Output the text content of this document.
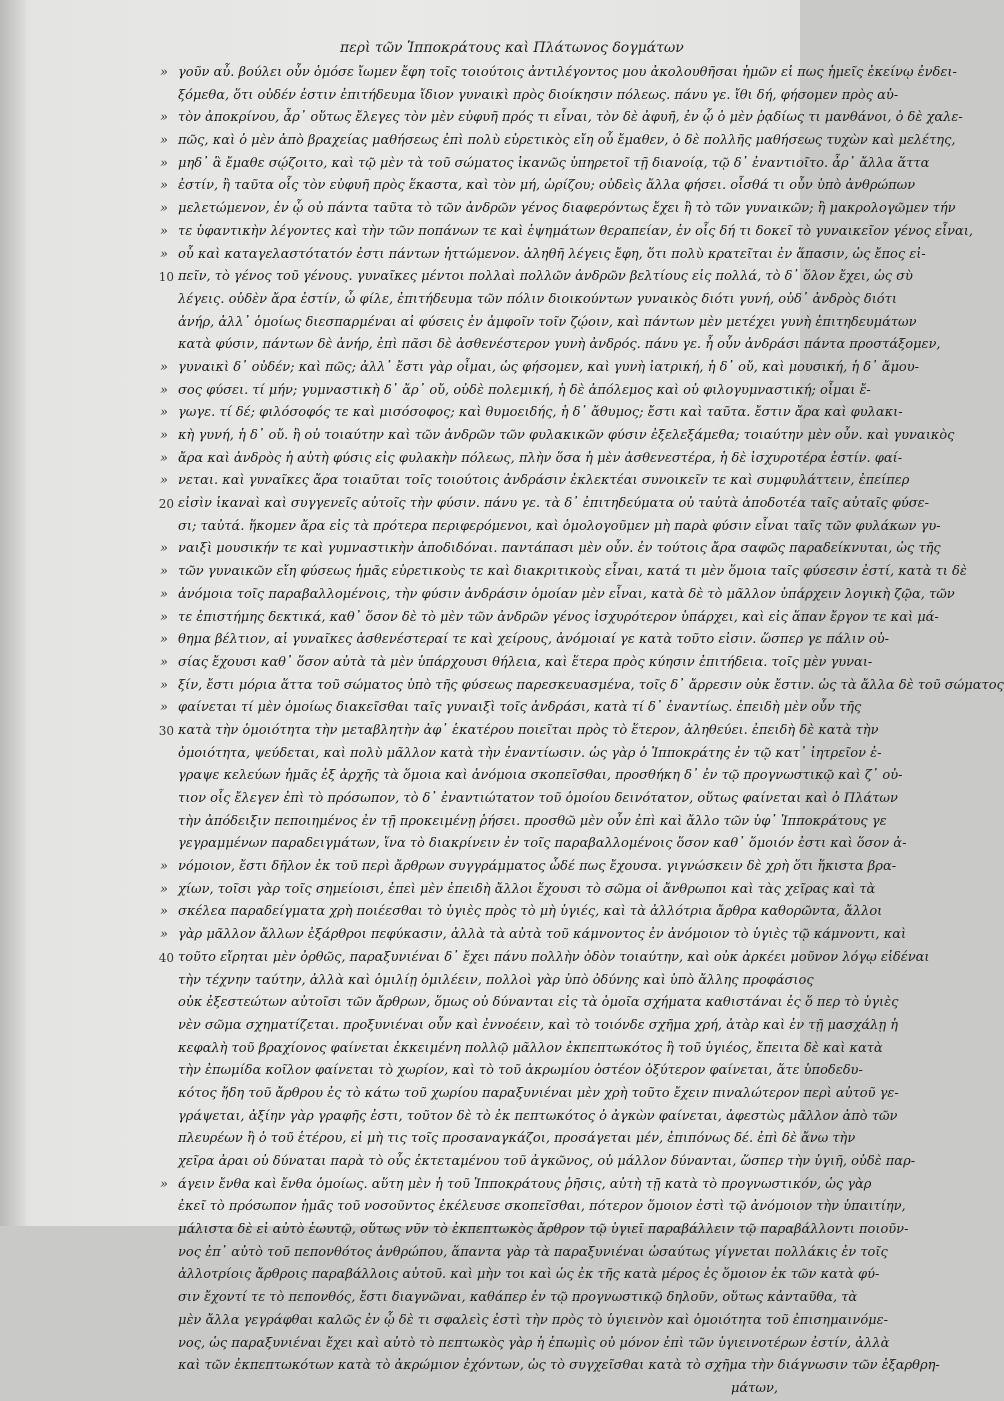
περὶ τῶν Ἱπποκράτους καὶ Πλάτωνος δογμάτων
» γοῦν αὖ. βούλει οὖν ὁμόσε ἴωμεν ἔφη τοῖς τοιούτοις ἀντιλέγοντος μου ἀκολουθῆσαι ἡμῶν εἰ πως ἡμεῖς ἐκείνῳ ἐνδει-
ξόμεθα, ὅτι οὐδέν ἐστιν ἐπιτήδευμα ἴδιον γυναικὶ πρὸς διοίκησιν πόλεως. πάνυ γε. ἴθι δή, φήσομεν πρὸς αὐ-
» τὸν ἀποκρίνου, ἆρ᾽ οὕτως ἔλεγες τὸν μὲν εὐφυῆ πρός τι εἶναι, τὸν δὲ ἀφυῆ, ἐν ᾧ ὁ μὲν ῥᾳδίως τι μανθάνοι, ὁ δὲ χαλε-
» πῶς, καὶ ὁ μὲν ἀπὸ βραχείας μαθήσεως ἐπὶ πολὺ εὑρετικὸς εἴη οὗ ἔμαθεν, ὁ δὲ πολλῆς μαθήσεως τυχὼν καὶ μελέτης,
» μηδ᾽ ἃ ἔμαθε σῴζοιτο, καὶ τῷ μὲν τὰ τοῦ σώματος ἱκανῶς ὑπηρετοῖ τῇ διανοίᾳ, τῷ δ᾽ ἐναντιοῖτο. ἆρ᾽ ἄλλα ἅττα
» ἐστίν, ἢ ταῦτα οἷς τὸν εὐφυῆ πρὸς ἕκαστα, καὶ τὸν μή, ὡρίζου; οὐδεὶς ἄλλα φήσει. οἶσθά τι οὖν ὑπὸ ἀνθρώπων
» μελετώμενον, ἐν ᾧ οὐ πάντα ταῦτα τὸ τῶν ἀνδρῶν γένος διαφερόντως ἔχει ἢ τὸ τῶν γυναικῶν; ἢ μακρολογῶμεν τήν
» τε ὑφαντικὴν λέγοντες καὶ τὴν τῶν ποπάνων τε καὶ ἑψημάτων θεραπείαν, ἐν οἷς δή τι δοκεῖ τὸ γυναικεῖον γένος εἶναι,
» οὗ καὶ καταγελαστότατόν ἐστι πάντων ἡττώμενον. ἀληθῆ λέγεις ἔφη, ὅτι πολὺ κρατεῖται ἐν ἅπασιν, ὡς ἔπος εἰ-
10 πεῖν, τὸ γένος τοῦ γένους. γυναῖκες μέντοι πολλαὶ πολλῶν ἀνδρῶν βελτίους εἰς πολλά, τὸ δ᾽ ὅλον ἔχει, ὡς σὺ
λέγεις. οὐδὲν ἄρα ἐστίν, ὦ φίλε, ἐπιτήδευμα τῶν πόλιν διοικούντων γυναικὸς διότι γυνή, οὐδ᾽ ἀνδρὸς διότι
ἀνήρ, ἀλλ᾽ ὁμοίως διεσπαρμέναι αἱ φύσεις ἐν ἀμφοῖν τοῖν ζῴοιν, καὶ πάντων μὲν μετέχει γυνὴ ἐπιτηδευμάτων
κατὰ φύσιν, πάντων δὲ ἀνήρ, ἐπὶ πᾶσι δὲ ἀσθενέστερον γυνὴ ἀνδρός. πάνυ γε. ἦ οὖν ἀνδράσι πάντα προστάξομεν,
» γυναικὶ δ᾽ οὐδέν; καὶ πῶς; ἀλλ᾽ ἔστι γὰρ οἶμαι, ὡς φήσομεν, καὶ γυνὴ ἰατρική, ἡ δ᾽ οὔ, καὶ μουσική, ἡ δ᾽ ἄμου-
» σος φύσει. τί μήν; γυμναστικὴ δ᾽ ἄρ᾽ οὔ, οὐδὲ πολεμική, ἡ δὲ ἀπόλεμος καὶ οὐ φιλογυμναστική; οἶμαι ἔ-
» γωγε. τί δέ; φιλόσοφός τε καὶ μισόσοφος; καὶ θυμοειδής, ἡ δ᾽ ἄθυμος; ἔστι καὶ ταῦτα. ἔστιν ἄρα καὶ φυλακι-
» κὴ γυνή, ἡ δ᾽ οὔ. ἢ οὐ τοιαύτην καὶ τῶν ἀνδρῶν τῶν φυλακικῶν φύσιν ἐξελεξάμεθα; τοιαύτην μὲν οὖν. καὶ γυναικὸς
» ἄρα καὶ ἀνδρὸς ἡ αὐτὴ φύσις εἰς φυλακὴν πόλεως, πλὴν ὅσα ἡ μὲν ἀσθενεστέρα, ἡ δὲ ἰσχυροτέρα ἐστίν. φαί-
» νεται. καὶ γυναῖκες ἄρα τοιαῦται τοῖς τοιούτοις ἀνδράσιν ἐκλεκτέαι συνοικεῖν τε καὶ συμφυλάττειν, ἐπείπερ
20 εἰσὶν ἱκαναὶ καὶ συγγενεῖς αὐτοῖς τὴν φύσιν. πάνυ γε. τὰ δ᾽ ἐπιτηδεύματα οὐ ταὐτὰ ἀποδοτέα ταῖς αὐταῖς φύσε-
σι; ταὐτά. ἥκομεν ἄρα εἰς τὰ πρότερα περιφερόμενοι, καὶ ὁμολογοῦμεν μὴ παρὰ φύσιν εἶναι ταῖς τῶν φυλάκων γυ-
» ναιξὶ μουσικήν τε καὶ γυμναστικὴν ἀποδιδόναι. παντάπασι μὲν οὖν. ἐν τούτοις ἄρα σαφῶς παραδείκνυται, ὡς τῆς
» τῶν γυναικῶν εἴη φύσεως ἡμᾶς εὑρετικοὺς τε καὶ διακριτικοὺς εἶναι, κατά τι μὲν ὅμοια ταῖς φύσεσιν ἐστί, κατὰ τι δὲ
» ἀνόμοια τοῖς παραβαλλομένοις, τὴν φύσιν ἀνδράσιν ὁμοίαν μὲν εἶναι, κατὰ δὲ τὸ μᾶλλον ὑπάρχειν λογικὴ ζῷα, τῶν
» τε ἐπιστήμης δεκτικά, καθ᾽ ὅσον δὲ τὸ μὲν τῶν ἀνδρῶν γένος ἰσχυρότερον ὑπάρχει, καὶ εἰς ἅπαν ἔργον τε καὶ μά-
» θημα βέλτιον, αἱ γυναῖκες ἀσθενέστεραί τε καὶ χείρους, ἀνόμοιαί γε κατὰ τοῦτο εἰσιν. ὥσπερ γε πάλιν οὐ-
» σίας ἔχουσι καθ᾽ ὅσον αὐτὰ τὰ μὲν ὑπάρχουσι θήλεια, καὶ ἕτερα πρὸς κύησιν ἐπιτήδεια. τοῖς μὲν γυναι-
» ξίν, ἔστι μόρια ἅττα τοῦ σώματος ὑπὸ τῆς φύσεως παρεσκευασμένα, τοῖς δ᾽ ἄρρεσιν οὐκ ἔστιν. ὡς τὰ ἄλλα δὲ τοῦ σώματος
» φαίνεται τί μὲν ὁμοίως διακεῖσθαι ταῖς γυναιξὶ τοῖς ἀνδράσι, κατὰ τί δ᾽ ἐναντίως. ἐπειδὴ μὲν οὖν τῆς
30 κατὰ τὴν ὁμοιότητα τὴν μεταβλητὴν ἀφ᾽ ἑκατέρου ποιεῖται πρὸς τὸ ἕτερον, ἀληθεύει. ἐπειδὴ δὲ κατὰ τὴν
ὁμοιότητα, ψεύδεται, καὶ πολὺ μᾶλλον κατὰ τὴν ἐναντίωσιν. ὡς γὰρ ὁ Ἱπποκράτης ἐν τῷ κατ᾽ ἰητρεῖον ἐ-
γραψε κελεύων ἡμᾶς ἐξ ἀρχῆς τὰ ὅμοια καὶ ἀνόμοια σκοπεῖσθαι, προσθήκη δ᾽ ἐν τῷ προγνωστικῷ καὶ ζ᾽ οὐ-
τιον οἷς ἔλεγεν ἐπὶ τὸ πρόσωπον, τὸ δ᾽ ἐναντιώτατον τοῦ ὁμοίου δεινότατον, οὕτως φαίνεται καὶ ὁ Πλάτων
τὴν ἀπόδειξιν πεποιημένος ἐν τῇ προκειμένῃ ῥήσει. προσθῶ μὲν οὖν ἐπὶ καὶ ἄλλο τῶν ὑφ᾽ Ἱπποκράτους γε
γεγραμμένων παραδειγμάτων, ἵνα τὸ διακρίνειν ἐν τοῖς παραβαλλομένοις ὅσον καθ᾽ ὅμοιόν ἐστι καὶ ὅσον ἀ-
» νόμοιον, ἔστι δῆλον ἐκ τοῦ περὶ ἄρθρων συγγράμματος ὧδέ πως ἔχουσα. γιγνώσκειν δὲ χρὴ ὅτι ἥκιστα βρα-
» χίων, τοῖσι γὰρ τοῖς σημείοισι, ἐπεὶ μὲν ἐπειδὴ ἄλλοι ἔχουσι τὸ σῶμα οἱ ἄνθρωποι καὶ τὰς χεῖρας καὶ τὰ
» σκέλεα παραδείγματα χρὴ ποιέεσθαι τὸ ὑγιὲς πρὸς τὸ μὴ ὑγιές, καὶ τὰ ἀλλότρια ἄρθρα καθορῶντα, ἄλλοι
» γὰρ μᾶλλον ἄλλων ἐξάρθροι πεφύκασιν, ἀλλὰ τὰ αὐτὰ τοῦ κάμνοντος ἐν ἀνόμοιον τὸ ὑγιὲς τῷ κάμνοντι, καὶ
40 τοῦτο εἴρηται μὲν ὀρθῶς, παραξυνιέναι δ᾽ ἔχει πάνυ πολλὴν ὁδὸν τοιαύτην, καὶ οὐκ ἀρκέει μοῦνον λόγῳ εἰδέναι
τὴν τέχνην ταύτην, ἀλλὰ καὶ ὁμιλίῃ ὁμιλέειν, πολλοὶ γὰρ ὑπὸ ὀδύνης καὶ ὑπὸ ἄλλης προφάσιος
οὐκ ἐξεστεώτων αὐτοῖσι τῶν ἄρθρων, ὅμως οὐ δύνανται εἰς τὰ ὁμοῖα σχήματα καθιστάναι ἐς ὅ περ τὸ ὑγιὲς
νὲν σῶμα σχηματίζεται. προξυνιέναι οὖν καὶ ἐννοέειν, καὶ τὸ τοιόνδε σχῆμα χρή, ἀτὰρ καὶ ἐν τῇ μασχάλῃ ἡ
κεφαλὴ τοῦ βραχίονος φαίνεται ἐκκειμένη πολλῷ μᾶλλον ἐκπεπτωκότος ἢ τοῦ ὑγιέος, ἔπειτα δὲ καὶ κατὰ
τὴν ἐπωμίδα κοῖλον φαίνεται τὸ χωρίον, καὶ τὸ τοῦ ἀκρωμίου ὀστέον ὀξύτερον φαίνεται, ἅτε ὑποδεδυ-
κότος ἤδη τοῦ ἄρθρου ἐς τὸ κάτω τοῦ χωρίου παραξυνιέναι μὲν χρὴ τοῦτο ἔχειν πιναλώτερον περὶ αὐτοῦ γε-
γράψεται, ἀξίην γὰρ γραφῆς ἐστι, τοῦτον δὲ τὸ ἐκ πεπτωκότος ὁ ἀγκὼν φαίνεται, ἀφεστὼς μᾶλλον ἀπὸ τῶν
πλευρέων ἢ ὁ τοῦ ἑτέρου, εἰ μὴ τις τοῖς προσαναγκάζοι, προσάγεται μέν, ἐπιπόνως δέ. ἐπὶ δὲ ἄνω τὴν
χεῖρα ἀραι οὐ δύναται παρὰ τὸ οὖς ἐκτεταμένου τοῦ ἀγκῶνος, οὐ μάλλον δύνανται, ὥσπερ τὴν ὑγιῆ, οὐδὲ παρ-
» άγειν ἔνθα καὶ ἔνθα ὁμοίως. αὕτη μὲν ἡ τοῦ Ἱπποκράτους ῥῆσις, αὐτὴ τῇ κατὰ τὸ προγνωστικόν, ὡς γὰρ
ἐκεῖ τὸ πρόσωπον ἡμᾶς τοῦ νοσοῦντος ἐκέλευσε σκοπεῖσθαι, πότερον ὅμοιον ἐστὶ τῷ ἀνόμοιον τὴν ὑπαιτίην,
μάλιστα δὲ εἰ αὐτὸ ἑωυτῷ, οὕτως νῦν τὸ ἐκπεπτωκὸς ἄρθρον τῷ ὑγιεῖ παραβάλλειν τῷ παραβάλλοντι ποιοῦν-
νος ἐπ᾽ αὐτὸ τοῦ πεπονθότος ἀνθρώπου, ἅπαντα γὰρ τὰ παραξυνιέναι ὡσαύτως γίγνεται πολλάκις ἐν τοῖς
ἀλλοτρίοις ἄρθροις παραβάλλοις αὐτοῦ. καὶ μὴν τοι καὶ ὡς ἐκ τῆς κατὰ μέρος ἐς ὅμοιον ἐκ τῶν κατὰ φύ-
σιν ἔχοντί τε τὸ πεπονθός, ἔστι διαγνῶναι, καθάπερ ἐν τῷ προγνωστικῷ δηλοῦν, οὕτως κἀνταῦθα, τὰ
μὲν ἄλλα γεγράφθαι καλῶς ἐν ᾧ δὲ τι σφαλεὶς ἐστὶ τὴν πρὸς τὸ ὑγιεινὸν καὶ ὁμοιότητα τοῦ ἐπισημαινόμε-
νος, ὡς παραξυνιέναι ἔχει καὶ αὐτὸ τὸ πεπτωκὸς γὰρ ἡ ἐπωμὶς οὐ μόνον ἐπὶ τῶν ὑγιεινοτέρων ἐστίν, ἀλλὰ
καὶ τῶν ἐκπεπτωκότων κατὰ τὸ ἀκρώμιον ἐχόντων, ὡς τὸ συγχεῖσθαι κατὰ τὸ σχῆμα τὴν διάγνωσιν τῶν ἐξαρθρη-
μάτων,
